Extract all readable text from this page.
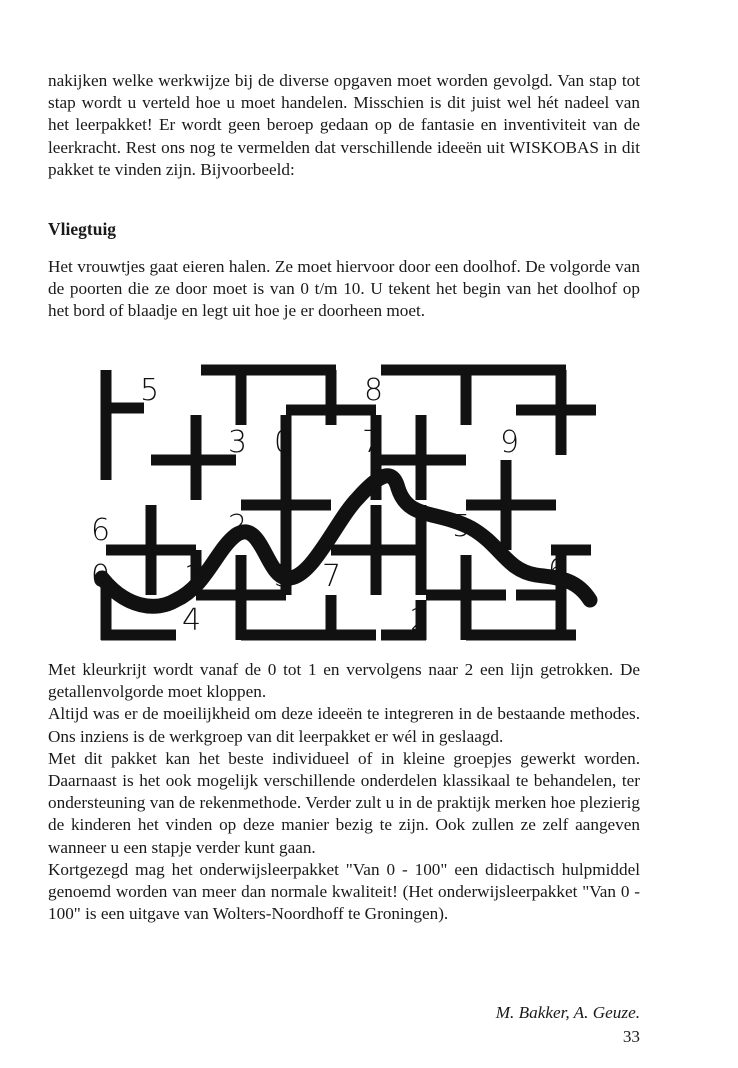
nakijken welke werkwijze bij de diverse opgaven moet worden gevolgd. Van stap tot stap wordt u verteld hoe u moet handelen. Misschien is dit juist wel hét nadeel van het leerpakket! Er wordt geen beroep gedaan op de fantasie en inventiviteit van de leerkracht. Rest ons nog te vermelden dat verschillende ideeën uit WISKOBAS in dit pakket te vinden zijn. Bijvoorbeeld:

Vliegtuig

Het vrouwtjes gaat eieren halen. Ze moet hiervoor door een doolhof. De volgorde van de poorten die ze door moet is van 0 t/m 10. U tekent het begin van het doolhof op het bord of blaadje en legt uit hoe je er doorheen moet.

5	8
3 0 7	9
6	2	5
0 1 3 7	6
4	2
4

Met kleurkrijt wordt vanaf de 0 tot 1 en vervolgens naar 2 een lijn getrokken. De getallenvolgorde moet kloppen.

Altijd was er de moeilijkheid om deze ideeën te integreren in de bestaande methodes. Ons inziens is de werkgroep van dit leerpakket er wél in geslaagd.

Met dit pakket kan het beste individueel of in kleine groepjes gewerkt worden. Daarnaast is het ook mogelijk verschillende onderdelen klassikaal te behandelen, ter ondersteuning van de rekenmethode. Verder zult u in de praktijk merken hoe plezierig de kinderen het vinden op deze manier bezig te zijn. Ook zullen ze zelf aangeven wanneer u een stapje verder kunt gaan.

Kortgezegd mag het onderwijsleerpakket "Van 0 - 100" een didactisch hulpmiddel genoemd worden van meer dan normale kwaliteit! (Het onderwijsleerpakket "Van 0 - 100" is een uitgave van Wolters-Noordhoff te Groningen).

M. Bakker, A. Geuze.
33
